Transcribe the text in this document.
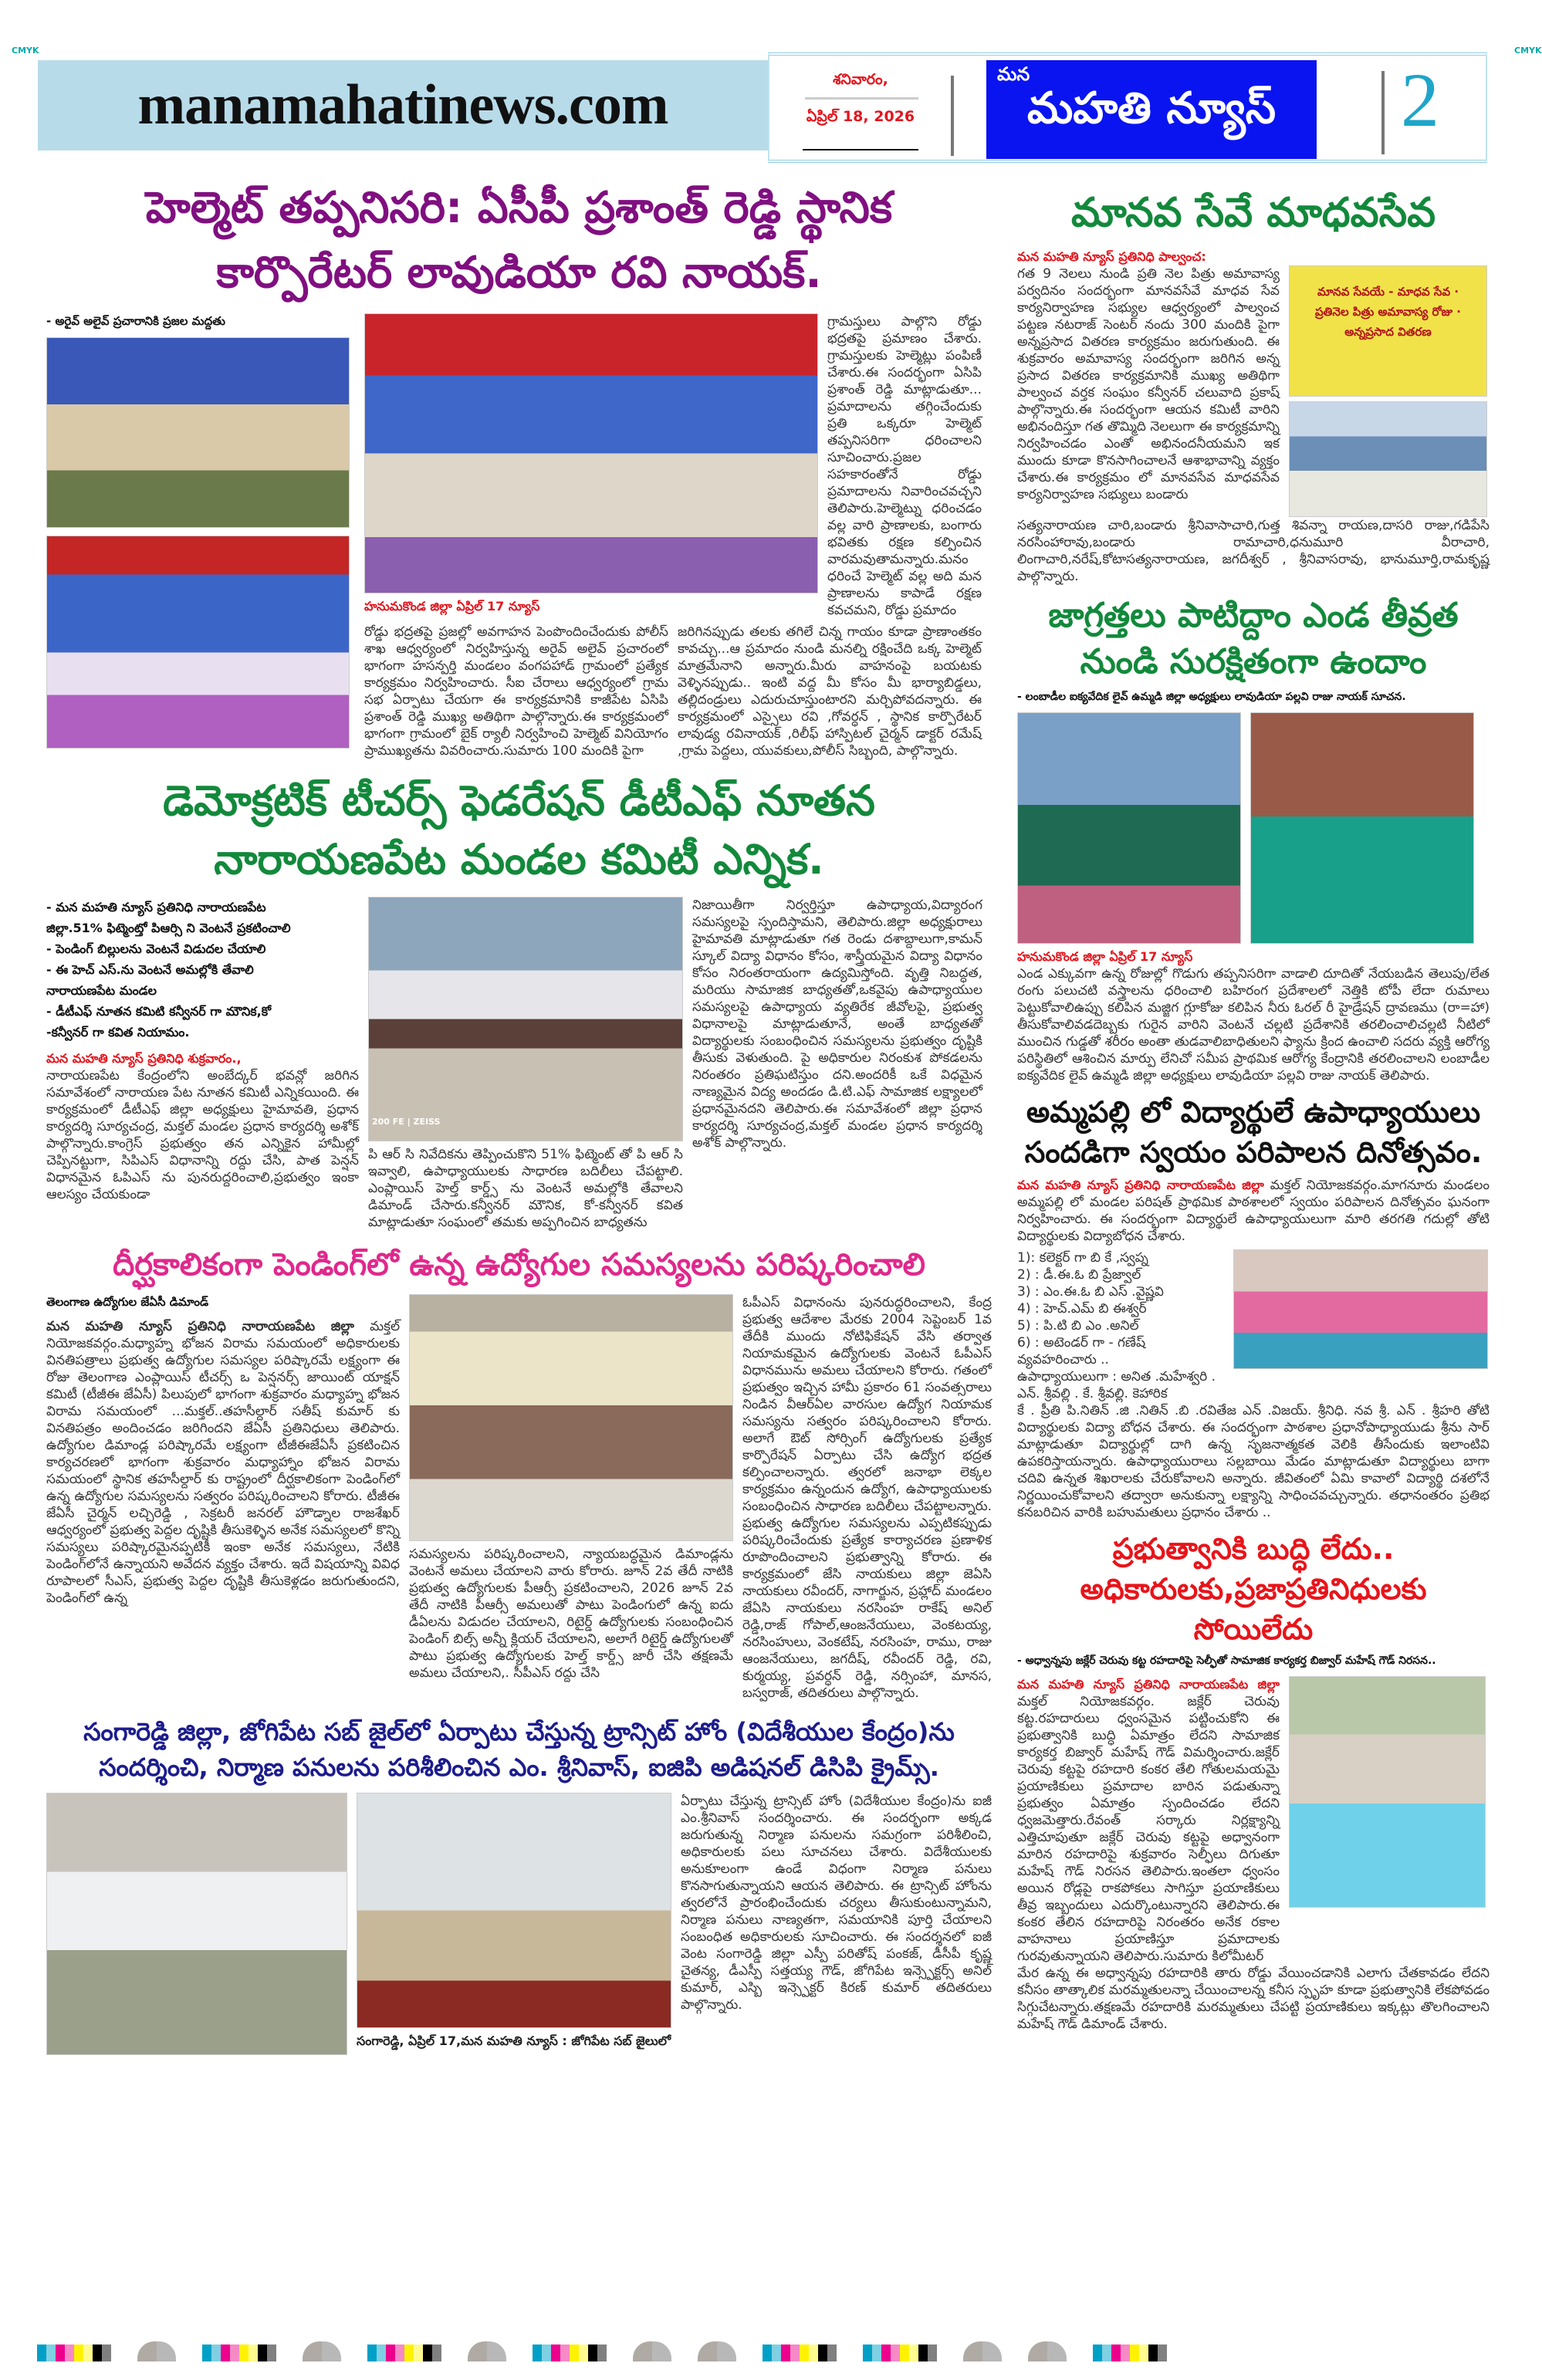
CMYK	CMYK
manamahatinews.com	శనివారం,
ఏప్రిల్ 18, 2026
మన
మహతి న్యూస్	2
హెల్మెట్ తప్పనిసరి: ఏసీపీ ప్రశాంత్ రెడ్డి స్థానిక
కార్పొరేటర్ లావుడియా రవి నాయక్.
- అరైవ్ అలైవ్ ప్రచారానికి ప్రజల మద్దతు
హనుమకొండ జిల్లా ఏప్రిల్ 17 న్యూస్
గ్రామస్తులు పాల్గొని రోడ్డు భద్రతపై ప్రమాణం చేశారు. గ్రామస్తులకు హెల్మెట్లు పంపిణీ చేశారు.ఈ సందర్భంగా ఏసిపి ప్రశాంత్ రెడ్డి మాట్లాడుతూ... ప్రమాదాలను తగ్గించేందుకు ప్రతి ఒక్కరూ హెల్మెట్ తప్పనిసరిగా ధరించాలని సూచించారు.ప్రజల సహకారంతోనే రోడ్డు ప్రమాదాలను నివారించవచ్చని తెలిపారు.హెల్మెట్ను ధరించడం వల్ల వారి ప్రాణాలకు, బంగారు భవితకు రక్షణ కల్పించిన వారమవుతామన్నారు.మనం ధరించే హెల్మెట్ వల్ల అది మన ప్రాణాలను కాపాడే రక్షణ కవచమని, రోడ్డు ప్రమాదం
రోడ్డు భద్రతపై ప్రజల్లో అవగాహన పెంపొందించేందుకు పోలీస్ శాఖ ఆధ్వర్యంలో నిర్వహిస్తున్న అరైవ్ అలైవ్ ప్రచారంలో భాగంగా హసన్పర్తి మండలం వంగపహాడ్ గ్రామంలో ప్రత్యేక కార్యక్రమం నిర్వహించారు. సీఐ చేరాలు ఆధ్వర్యంలో గ్రామ సభ ఏర్పాటు చేయగా ఈ కార్యక్రమానికి కాజీపేట ఏసిపి ప్రశాంత్ రెడ్డి ముఖ్య అతిథిగా పాల్గొన్నారు.ఈ కార్యక్రమంలో భాగంగా గ్రామంలో బైక్ ర్యాలీ నిర్వహించి హెల్మెట్ వినియోగం ప్రాముఖ్యతను వివరించారు.సుమారు 100 మందికి పైగా
జరిగినప్పుడు తలకు తగిలే చిన్న గాయం కూడా ప్రాణాంతకం కావచ్చు...ఆ ప్రమాదం నుండి మనల్ని రక్షించేది ఒక్క హెల్మెట్ మాత్రమేనాని అన్నారు.మీరు వాహనంపై బయటకు వెళ్ళినప్పుడు.. ఇంటి వద్ద మీ కోసం మీ భార్యాబిడ్డలు, తల్లిదండ్రులు ఎదురుచూస్తుంటారని మర్చిపోవదన్నారు. ఈ కార్యక్రమంలో ఎస్సైలు రవి ,గోవర్ధన్ , స్థానిక కార్పొరేటర్ లావుడ్య రవినాయక్ ,రిలీఫ్ హాస్పిటల్ చైర్మన్ డాక్టర్ రమేష్ ,గ్రామ పెద్దలు, యువకులు,పోలీస్ సిబ్బంది, పాల్గొన్నారు.
డెమోక్రటిక్ టీచర్స్ ఫెడరేషన్ డీటీఎఫ్ నూతన
నారాయణపేట మండల కమిటీ ఎన్నిక.
- మన మహతి న్యూస్ ప్రతినిధి నారాయణపేట
జిల్లా.51% ఫిట్మెంట్తో పిఆర్సి ని వెంటనే ప్రకటించాలి
- పెండింగ్ బిల్లులను వెంటనే విడుదల చేయాలి
- ఈ హెచ్ ఎస్.ను వెంటనే అమల్లోకి తేవాలి
నారాయణపేట మండల
- డీటీఎఫ్ నూతన కమిటి కన్వీనర్ గా మౌనిక,కో
-కన్వీనర్ గా కవిత నియామం.
మన మహతి న్యూస్ ప్రతినిధి శుక్రవారం.,
నారాయణపేట కేంద్రంలోని అంబేద్కర్ భవన్లో జరిగిన సమావేశంలో నారాయణ పేట నూతన కమిటీ ఎన్నికయింది. ఈ కార్యక్రమంలో డీటీఎఫ్ జిల్లా అధ్యక్షులు హైమావతి, ప్రధాన కార్యదర్శి సూర్యచంద్ర, మక్తల్ మండల ప్రధాన కార్యదర్శి అశోక్ పాల్గొన్నారు.కాంగ్రెస్ ప్రభుత్వం తన ఎన్నికైన హామీల్లో చెప్పినట్టుగా, సిపిఎస్ విధానాన్ని రద్దు చేసి, పాత పెన్షన్ విధానమైన ఓపిఎస్ ను పునరుద్దరించాలి,ప్రభుత్వం ఇంకా ఆలస్యం చేయకుండా
200 FE | ZEISS
పి ఆర్ సి నివేదికను తెప్పించుకొని 51% ఫిట్మెంట్ తో పి ఆర్ సి ఇవ్వాలి, ఉపాధ్యాయులకు సాధారణ బదిలీలు చేపట్టాలి. ఎంప్లాయిస్ హెల్త్ కార్డ్స్ ను వెంటనే అమల్లోకి తేవాలని డిమాండ్ చేసారు.కన్వీనర్ మౌనిక, కో-కన్వీనర్ కవిత మాట్లాడుతూ సంఘంలో తమకు అప్పగించిన బాధ్యతను
నిజాయితీగా నిర్వర్తిస్తూ ఉపాధ్యాయ,విద్యారంగ సమస్యలపై స్పందిస్తామని, తెలిపారు.జిల్లా అధ్యక్షురాలు హైమావతి మాట్లాడుతూ గత రెండు దశాబ్దాలుగా,కామన్ స్కూల్ విద్యా విధానం కోసం, శాస్త్రీయమైన విద్యా విధానం కోసం నిరంతరాయంగా ఉద్యమిస్తోంది. వృత్తి నిబద్ధత, మరియు సామాజిక బాధ్యతతో,ఒకవైపు ఉపాధ్యాయుల సమస్యలపై ఉపాధ్యాయ వ్యతిరేక జీవోలపై, ప్రభుత్వ విధానాలపై మాట్లాడుతూనే, అంతే బాధ్యతతో విద్యార్థులకు సంబంధించిన సమస్యలను ప్రభుత్వం దృష్టికి తీసుకు వెళుతుంది. పై అధికారుల నిరంకుశ పోకడలను నిరంతరం ప్రతిఘటిస్తుం దని.అందరికీ ఒకే విధమైన నాణ్యమైన విద్య అందడం డి.టి.ఎఫ్ సామాజిక లక్ష్యాలలో ప్రధానమైనదని తెలిపారు.ఈ సమావేశంలో జిల్లా ప్రధాన కార్యదర్శి సూర్యచంద్ర,మక్తల్ మండల ప్రధాన కార్యదర్శి అశోక్ పాల్గొన్నారు.
దీర్ఘకాలికంగా పెండింగ్‌లో ఉన్న ఉద్యోగుల సమస్యలను పరిష్కరించాలి
తెలంగాణ ఉద్యోగుల జేఏసీ డిమాండ్
మన మహతి న్యూస్ ప్రతినిధి నారాయణపేట జిల్లా మక్తల్ నియోజకవర్గం.మధ్యాహ్న భోజన విరామ సమయంలో అధికారులకు వినతిపత్రాలు ప్రభుత్వ ఉద్యోగుల సమస్యల పరిష్కారమే లక్ష్యంగా ఈ రోజు తెలంగాణ ఎంప్లాయిస్ టీచర్స్ ఒ పెన్షనర్స్ జాయింట్ యాక్షన్ కమిటీ (టీజీఈ జేఏసీ) పిలుపులో భాగంగా శుక్రవారం మధ్యాహ్న భోజన విరామ సమయంలో ...మక్తల్..తహసీల్దార్ సతీష్ కుమార్ కు వినతిపత్రం అందించడం జరిగిందని జేఏసీ ప్రతినిధులు తెలిపారు. ఉద్యోగుల డిమాండ్ల పరిష్కారమే లక్ష్యంగా టీజీఈజేఏసీ ప్రకటించిన కార్యచరణలో భాగంగా శుక్రవారం మధ్యాహ్నాం భోజన విరామ సమయంలో స్థానిక తహసీల్దార్ కు రాష్ట్రంలో దీర్ఘకాలికంగా పెండింగ్‌లో ఉన్న ఉద్యోగుల సమస్యలను సత్వరం పరిష్కరించాలని కోరారు. టీజీఈ జేఏసీ చైర్మన్ లచ్చిరెడ్డి , సెక్రటరీ జనరల్ హౌడ్నాల రాజశేఖర్ ఆధ్వర్యంలో ప్రభుత్వ పెద్దల దృష్టికి తీసుకెళ్ళిన అనేక సమస్యలలో కొన్ని సమస్యలు పరిష్కారమైనప్పటికీ ఇంకా అనేక సమస్యలు, నేటికి పెండింగ్‌లోనే ఉన్నాయని అవేదన వ్యక్తం చేశారు. ఇదే విషయాన్ని వివిధ రూపాలలో సీఎస్, ప్రభుత్వ పెద్దల దృష్టికి తీసుకెళ్లడం జరుగుతుందని, పెండింగ్‌లో ఉన్న
సమస్యలను పరిష్కరించాలని, న్యాయబద్ధమైన డిమాండ్లను వెంటనే అమలు చేయాలని వారు కోరారు. జూన్ 2వ తేదీ నాటికి ప్రభుత్వ ఉద్యోగులకు పీఆర్సీ ప్రకటించాలని, 2026 జూన్ 2వ తేదీ నాటికి పీఆర్సీ అమలుతో పాటు పెండింగులో ఉన్న ఐదు డీఏలను విడుదల చేయాలని, రిటైర్డ్ ఉద్యోగులకు సంబంధించిన పెండింగ్ బిల్స్ అన్నీ క్లియర్ చేయాలని, అలాగే రిటైర్డ్ ఉద్యోగులతో పాటు ప్రభుత్వ ఉద్యోగులకు హెల్త్ కార్డ్స్ జారీ చేసి తక్షణమే అమలు చేయాలని,. సీపీఎస్ రద్దు చేసి
ఓపీఎస్ విధానంను పునరుద్ధరించాలని, కేంద్ర ప్రభుత్వ ఆదేశాల మేరకు 2004 సెప్టెంబర్ 1వ తేదీకి ముందు నోటిఫికేషన్ వేసి తర్వాత నియామకమైన ఉద్యోగులకు వెంటనే ఓపీఎస్ విధానమును అమలు చేయాలని కోరారు. గతంలో ప్రభుత్వం ఇచ్చిన హామీ ప్రకారం 61 సంవత్సరాలు నిండిన వీఆర్ఏల వారసుల ఉద్యోగ నియామక సమస్యను సత్వరం పరిష్కరించాలని కోరారు. అలాగే ఔట్ సోర్సింగ్ ఉద్యోగులకు ప్రత్యేక కార్పొరేషన్ ఏర్పాటు చేసి ఉద్యోగ భద్రత కల్పించాలన్నారు. త్వరలో జనాభా లెక్కల కార్యక్రమం ఉన్నందున ఉద్యోగ, ఉపాధ్యాయులకు సంబంధించిన సాధారణ బదిలీలు చేపట్టాలన్నారు. ప్రభుత్వ ఉద్యోగుల సమస్యలను ఎప్పటికప్పుడు పరిష్కరించేందుకు ప్రత్యేక కార్యాచరణ ప్రణాళిక రూపొందించాలని ప్రభుత్వాన్ని కోరారు. ఈ కార్యక్రమంలో జేసి నాయకులు జిల్లా జెఏసి నాయకులు రవీందర్, నాగార్జున, ప్రహ్లాద్ మండలం జేఏసి నాయకులు నరసింహ రాకేష్ అనిల్ రెడ్డి,రాజ్ గోపాల్,ఆంజనేయులు, వెంకటయ్య, నరసింహులు, వెంకటేష్, నరసింహ, రాము, రాజు ఆంజనేయులు, జగదీష్, రవీందర్ రెడ్డి, రవి, కుర్మయ్య, ప్రవర్ధన్ రెడ్డి, నర్సింహా, మానస, బస్వరాజ్, తదితరులు పాల్గొన్నారు.
సంగారెడ్డి జిల్లా, జోగిపేట సబ్ జైల్‌లో ఏర్పాటు చేస్తున్న ట్రాన్సిట్ హోం (విదేశీయుల కేంద్రం)ను
సందర్శించి, నిర్మాణ పనులను పరిశీలించిన ఎం. శ్రీనివాస్, ఐజిపి అడిషనల్ డిసిపి క్రైమ్స్.
సంగారెడ్డి, ఏప్రిల్ 17,మన మహతి న్యూస్ : జోగిపేట సబ్ జైలులో
ఏర్పాటు చేస్తున్న ట్రాన్సిట్ హోం (విదేశీయుల కేంద్రం)ను ఐజీ ఎం.శ్రీనివాస్ సందర్శించారు. ఈ సందర్భంగా అక్కడ జరుగుతున్న నిర్మాణ పనులను సమగ్రంగా పరిశీలించి, అధికారులకు పలు సూచనలు చేశారు. విదేశీయులకు అనుకూలంగా ఉండే విధంగా నిర్మాణ పనులు కొనసాగుతున్నాయని ఆయన తెలిపారు. ఈ ట్రాన్సిట్ హోంను త్వరలోనే ప్రారంభించేందుకు చర్యలు తీసుకుంటున్నామని, నిర్మాణ పనులు నాణ్యతగా, సమయానికి పూర్తి చేయాలని సంబంధిత అధికారులకు సూచించారు. ఈ సందర్శనలో ఐజీ వెంట సంగారెడ్డి జిల్లా ఎస్పీ పరితోష్ పంకజ్, డీసీపీ కృష్ణ చైతన్య, డీఎస్పీ సత్తయ్య గౌడ్, జోగిపేట ఇన్స్పెక్టర్స్ అనిల్ కుమార్, ఎస్బి ఇన్స్పెక్టర్ కిరణ్ కుమార్ తదితరులు పాల్గొన్నారు.
మానవ సేవే మాధవసేవ
మన మహతి న్యూస్ ప్రతినిధి పాల్వంచ:
గత 9 నెలలు నుండి ప్రతి నెల పిత్రు అమావాస్య పర్వదినం సందర్భంగా మానవసేవే మాధవ సేవ కార్యనిర్వాహణ సభ్యుల ఆధ్వర్యంలో పాల్వంచ పట్టణ నటరాజ్ సెంటర్ నందు 300 మందికి పైగా అన్నప్రసాద వితరణ కార్యక్రమం జరుగుతుంది. ఈ శుక్రవారం అమావాస్య సందర్భంగా జరిగిన అన్న ప్రసాద వితరణ కార్యక్రమానికి ముఖ్య అతిథిగా పాల్వంచ వర్తక సంఘం కన్వీనర్ చలువాది ప్రకాష్ పాల్గొన్నారు.ఈ సందర్భంగా ఆయన కమిటీ వారిని అభినందిస్తూ గత తొమ్మిది నెలలుగా ఈ కార్యక్రమాన్ని నిర్వహించడం ఎంతో అభినందనీయమని ఇక ముందు కూడా కొనసాగించాలనే ఆశాభావాన్ని వ్యక్తం చేశారు.ఈ కార్యక్రమం లో మానవసేవ మాధవసేవ కార్యనిర్వాహణ సభ్యులు బండారు
మానవ సేవయే - మాధవ సేవ · ప్రతినెల పిత్రు అమావాస్య రోజు · అన్నప్రసాద వితరణ
సత్యనారాయణ చారి,బండారు శ్రీనివాసాచారి,గుత్త శివన్నా రాయణ,దాసరి రాజు,గడిపేసి నరసింహారావు,బండారు రామాచారి,ధనుమూరి వీరాచారి, లింగాచారి,నరేష్,కోటాసత్యనారాయణ, జగదీశ్వర్ , శ్రీనివాసరావు, భానుమూర్తి,రామకృష్ణ పాల్గొన్నారు.
జాగ్రత్తలు పాటిద్దాం ఎండ తీవ్రత
నుండి సురక్షితంగా ఉందాం
- లంబాడీల ఐక్యవేదిక లైవ్ ఉమ్మడి జిల్లా అధ్యక్షులు లావుడియా పల్లవి రాజు నాయక్ సూచన.
హనుమకొండ జిల్లా ఏప్రిల్ 17 న్యూస్
ఎండ ఎక్కువగా ఉన్న రోజుల్లో గొడుగు తప్పనిసరిగా వాడాలి దూదితో నేయబడిన తెలుపు/లేత రంగు పలుచటి వస్త్రాలను ధరించాలి బహిరంగ ప్రదేశాలలో నెత్తికి టోపీ లేదా రుమాలు పెట్టుకోవాలిఉప్పు కలిపిన మజ్జిగ గ్లూకోజు కలిపిన నీరు ఓరల్ రీ హైడ్రేషన్ ద్రావణము (రా=హా) తీసుకోవాలివడదెబ్బకు గురైన వారిని వెంటనే చల్లటి ప్రదేశానికి తరలించాలిచల్లటి నీటిలో ముంచిన గుడ్డతో శరీరం అంతా తుడవాలిబాధితులని ఫ్యాను క్రింద ఉంచాలి సదరు వ్యక్తి ఆరోగ్య పరిస్థితిలో ఆశించిన మార్పు లేనిచో సమీప ప్రాథమిక ఆరోగ్య కేంద్రానికి తరలించాలని లంబాడీల ఐక్యవేదిక లైవ్ ఉమ్మడి జిల్లా అధ్యక్షులు లావుడియా పల్లవి రాజు నాయక్ తెలిపారు.
అమ్మపల్లి లో విద్యార్థులే ఉపాధ్యాయులు
సందడిగా స్వయం పరిపాలన దినోత్సవం.
మన మహతి న్యూస్ ప్రతినిధి నారాయణపేట జిల్లా మక్తల్ నియోజకవర్గం.మాగనూరు మండలం అమ్మపల్లి లో మండల పరిషత్ ప్రాథమిక పాఠశాలలో స్వయం పరిపాలన దినోత్సవం ఘనంగా నిర్వహించారు. ఈ సందర్భంగా విద్యార్థులే ఉపాధ్యాయులుగా మారి తరగతి గదుల్లో తోటి విద్యార్థులకు విద్యాబోధన చేశారు.
1): కలెక్టర్ గా బి కే ,స్వప్న
2) : డీ.ఈ.ఓ బి ప్రేజ్వాల్
3) : ఎం.ఈ.ఓ బి ఎస్ .వైష్ణవి
4) : హెచ్.ఎమ్ బి ఈశ్వర్
5) : పి.టి బి ఎం .అనిల్
6) : అటెండర్ గా - గణేష్ వ్యవహరించారు ..
ఉపాధ్యాయులుగా : అనిత .మహేశ్వరి . ఎన్. శ్రీవల్లి . కే. శ్రీవల్లి. కెహారిక
కే . ప్రీతి పి.నితిన్ .జి .నితిన్ .బి .రవితేజ ఎన్ .విజయ్. శ్రీనిధి. నవ శ్రీ. ఎన్ . శ్రీహరి తోటి విద్యార్థులకు విద్యా బోధన చేశారు. ఈ సందర్భంగా పాఠశాల ప్రధానోపాధ్యాయుడు శ్రీను సార్ మాట్లాడుతూ విద్యార్థుల్లో దాగి ఉన్న సృజనాత్మకత వెలికి తీసేందుకు ఇలాంటివి ఉపకరిస్తాయన్నారు. ఉపాధ్యాయురాలు సల్లబాయి మేడం మాట్లాడుతూ విద్యార్థులు బాగా చదివి ఉన్నత శిఖరాలకు చేరుకోవాలని అన్నారు. జీవితంలో ఏమి కావాలో విద్యార్థి దశలోనే నిర్ణయించుకోవాలని తద్వారా అనుకున్నా లక్ష్యాన్ని సాధించవచ్చున్నారు. తధానంతరం ప్రతిభ కనబరిచిన వారికి బహుమతులు ప్రధానం చేశారు ..
ప్రభుత్వానికి బుద్ధి లేదు..
అధికారులకు,ప్రజాప్రతినిధులకు సోయిలేదు
- అధ్వాన్నపు జక్లేర్ చెరువు కట్ట రహదారిపై సెల్ఫీతో సామాజిక కార్యకర్త బిజ్వార్ మహేష్ గౌడ్ నిరసన..
మన మహతి న్యూస్ ప్రతినిధి నారాయణపేట జిల్లా మక్తల్ నియోజకవర్గం. జక్లేర్ చెరువు కట్ట.రహదారులు ధ్వంసమైన పట్టించుకోని ఈ ప్రభుత్వానికి బుద్ధి ఏమాత్రం లేదని సామాజిక కార్యకర్త బిజ్వార్ మహేష్ గౌడ్ విమర్శించారు.జక్లేర్ చెరువు కట్టపై రహదారి కంకర తేలి గోతులమయమై ప్రయాణికులు ప్రమాదాల బారిన పడుతున్నా ప్రభుత్వం ఏమాత్రం స్పందించడం లేదని ధ్వజమెత్తారు.రేవంత్ సర్కారు నిర్లక్ష్యాన్ని ఎత్తిచూపుతూ జక్లేర్ చెరువు కట్టపై అధ్వానంగా మారిన రహదారిపై శుక్రవారం సెల్ఫీలు దిగుతూ మహేష్ గౌడ్ నిరసన తెలిపారు.ఇంతలా ధ్వంసం అయిన రోడ్లపై రాకపోకలు సాగిస్తూ ప్రయాణికులు తీవ్ర ఇబ్బందులు ఎదుర్కొంటున్నారని తెలిపారు.ఈ కంకర తేలిన రహదారిపై నిరంతరం అనేక రకాల వాహనాలు ప్రయాణిస్తూ ప్రమాదాలకు గురవుతున్నాయని తెలిపారు.సుమారు కిలోమీటర్
మేర ఉన్న ఈ అధ్వాన్నపు రహదారికి తారు రోడ్డు వేయించడానికి ఎలాగు చేతకావడం లేదని కనీసం తాత్కాలిక మరమ్మతులన్నా చేయించాలన్న కనీస స్పృహ కూడా ప్రభుత్వానికి లేకపోవడం సిగ్గుచేటన్నారు.తక్షణమే రహదారికి మరమ్మతులు చేపట్టి ప్రయాణికులు ఇక్కట్లు తొలగించాలని మహేష్ గౌడ్ డిమాండ్ చేశారు.
